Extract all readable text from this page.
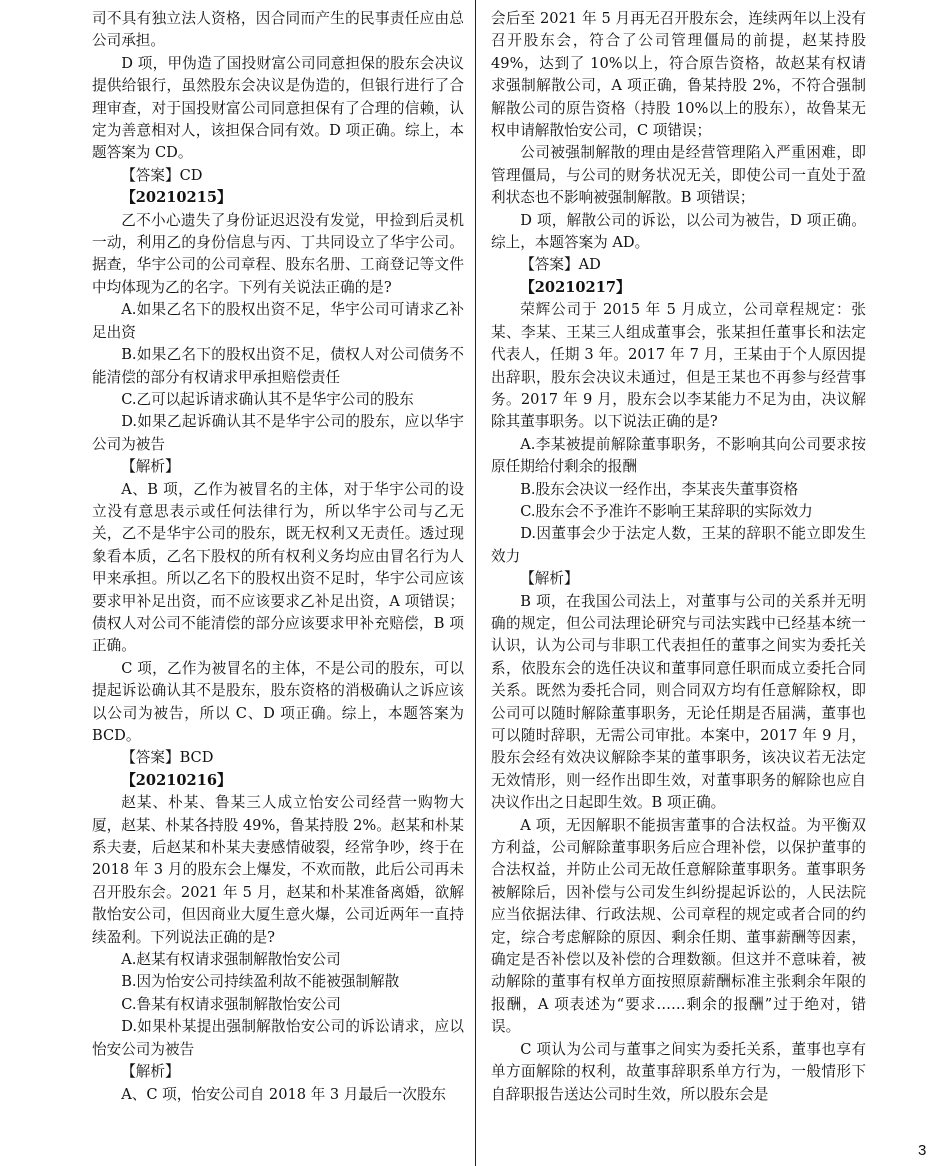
司不具有独立法人资格，因合同而产生的民事责任应由总公司承担。

D 项，甲伪造了国投财富公司同意担保的股东会决议提供给银行，虽然股东会决议是伪造的，但银行进行了合理审查，对于国投财富公司同意担保有了合理的信赖，认定为善意相对人，该担保合同有效。D 项正确。综上，本题答案为 CD。

【答案】CD

【20210215】

乙不小心遗失了身份证迟迟没有发觉，甲捡到后灵机一动，利用乙的身份信息与丙、丁共同设立了华宇公司。据查，华宇公司的公司章程、股东名册、工商登记等文件中均体现为乙的名字。下列有关说法正确的是?

A.如果乙名下的股权出资不足，华宇公司可请求乙补足出资

B.如果乙名下的股权出资不足，债权人对公司债务不能清偿的部分有权请求甲承担赔偿责任

C.乙可以起诉请求确认其不是华宇公司的股东

D.如果乙起诉确认其不是华宇公司的股东，应以华宇公司为被告

【解析】

A、B 项，乙作为被冒名的主体，对于华宇公司的设立没有意思表示或任何法律行为，所以华宇公司与乙无关，乙不是华宇公司的股东，既无权利又无责任。透过现象看本质，乙名下股权的所有权利义务均应由冒名行为人甲来承担。所以乙名下的股权出资不足时，华宇公司应该要求甲补足出资，而不应该要求乙补足出资，A 项错误；债权人对公司不能清偿的部分应该要求甲补充赔偿，B 项正确。

C 项，乙作为被冒名的主体，不是公司的股东，可以提起诉讼确认其不是股东，股东资格的消极确认之诉应该以公司为被告，所以 C、D 项正确。综上，本题答案为 BCD。

【答案】BCD

【20210216】

赵某、朴某、鲁某三人成立怡安公司经营一购物大厦，赵某、朴某各持股 49%，鲁某持股 2%。赵某和朴某系夫妻，后赵某和朴某夫妻感情破裂，经常争吵，终于在 2018 年 3 月的股东会上爆发，不欢而散，此后公司再未召开股东会。2021 年 5 月，赵某和朴某准备离婚，欲解散怡安公司，但因商业大厦生意火爆，公司近两年一直持续盈利。下列说法正确的是?

A.赵某有权请求强制解散怡安公司

B.因为怡安公司持续盈利故不能被强制解散

C.鲁某有权请求强制解散怡安公司

D.如果朴某提出强制解散怡安公司的诉讼请求，应以怡安公司为被告

【解析】

A、C 项，怡安公司自 2018 年 3 月最后一次股东

会后至 2021 年 5 月再无召开股东会，连续两年以上没有召开股东会，符合了公司管理僵局的前提，赵某持股 49%，达到了 10%以上，符合原告资格，故赵某有权请求强制解散公司，A 项正确，鲁某持股 2%，不符合强制解散公司的原告资格（持股 10%以上的股东），故鲁某无权申请解散怡安公司，C 项错误；

公司被强制解散的理由是经营管理陷入严重困难，即管理僵局，与公司的财务状况无关，即使公司一直处于盈利状态也不影响被强制解散。B 项错误；

D 项，解散公司的诉讼，以公司为被告，D 项正确。综上，本题答案为 AD。

【答案】AD

【20210217】

荣辉公司于 2015 年 5 月成立，公司章程规定：张某、李某、王某三人组成董事会，张某担任董事长和法定代表人，任期 3 年。2017 年 7 月，王某由于个人原因提出辞职，股东会决议未通过，但是王某也不再参与经营事务。2017 年 9 月，股东会以李某能力不足为由，决议解除其董事职务。以下说法正确的是?

A.李某被提前解除董事职务，不影响其向公司要求按原任期给付剩余的报酬

B.股东会决议一经作出，李某丧失董事资格

C.股东会不予准许不影响王某辞职的实际效力

D.因董事会少于法定人数，王某的辞职不能立即发生效力

【解析】

B 项，在我国公司法上，对董事与公司的关系并无明确的规定，但公司法理论研究与司法实践中已经基本统一认识，认为公司与非职工代表担任的董事之间实为委托关系，依股东会的选任决议和董事同意任职而成立委托合同关系。既然为委托合同，则合同双方均有任意解除权，即公司可以随时解除董事职务，无论任期是否届满，董事也可以随时辞职，无需公司审批。本案中，2017 年 9 月，股东会经有效决议解除李某的董事职务，该决议若无法定无效情形，则一经作出即生效，对董事职务的解除也应自决议作出之日起即生效。B 项正确。

A 项，无因解职不能损害董事的合法权益。为平衡双方利益，公司解除董事职务后应合理补偿，以保护董事的合法权益，并防止公司无故任意解除董事职务。董事职务被解除后，因补偿与公司发生纠纷提起诉讼的，人民法院应当依据法律、行政法规、公司章程的规定或者合同的约定，综合考虑解除的原因、剩余任期、董事薪酬等因素，确定是否补偿以及补偿的合理数额。但这并不意味着，被动解除的董事有权单方面按照原薪酬标准主张剩余年限的报酬，A 项表述为“要求……剩余的报酬”过于绝对，错误。

C 项认为公司与董事之间实为委托关系，董事也享有单方面解除的权利，故董事辞职系单方行为，一般情形下自辞职报告送达公司时生效，所以股东会是

3
